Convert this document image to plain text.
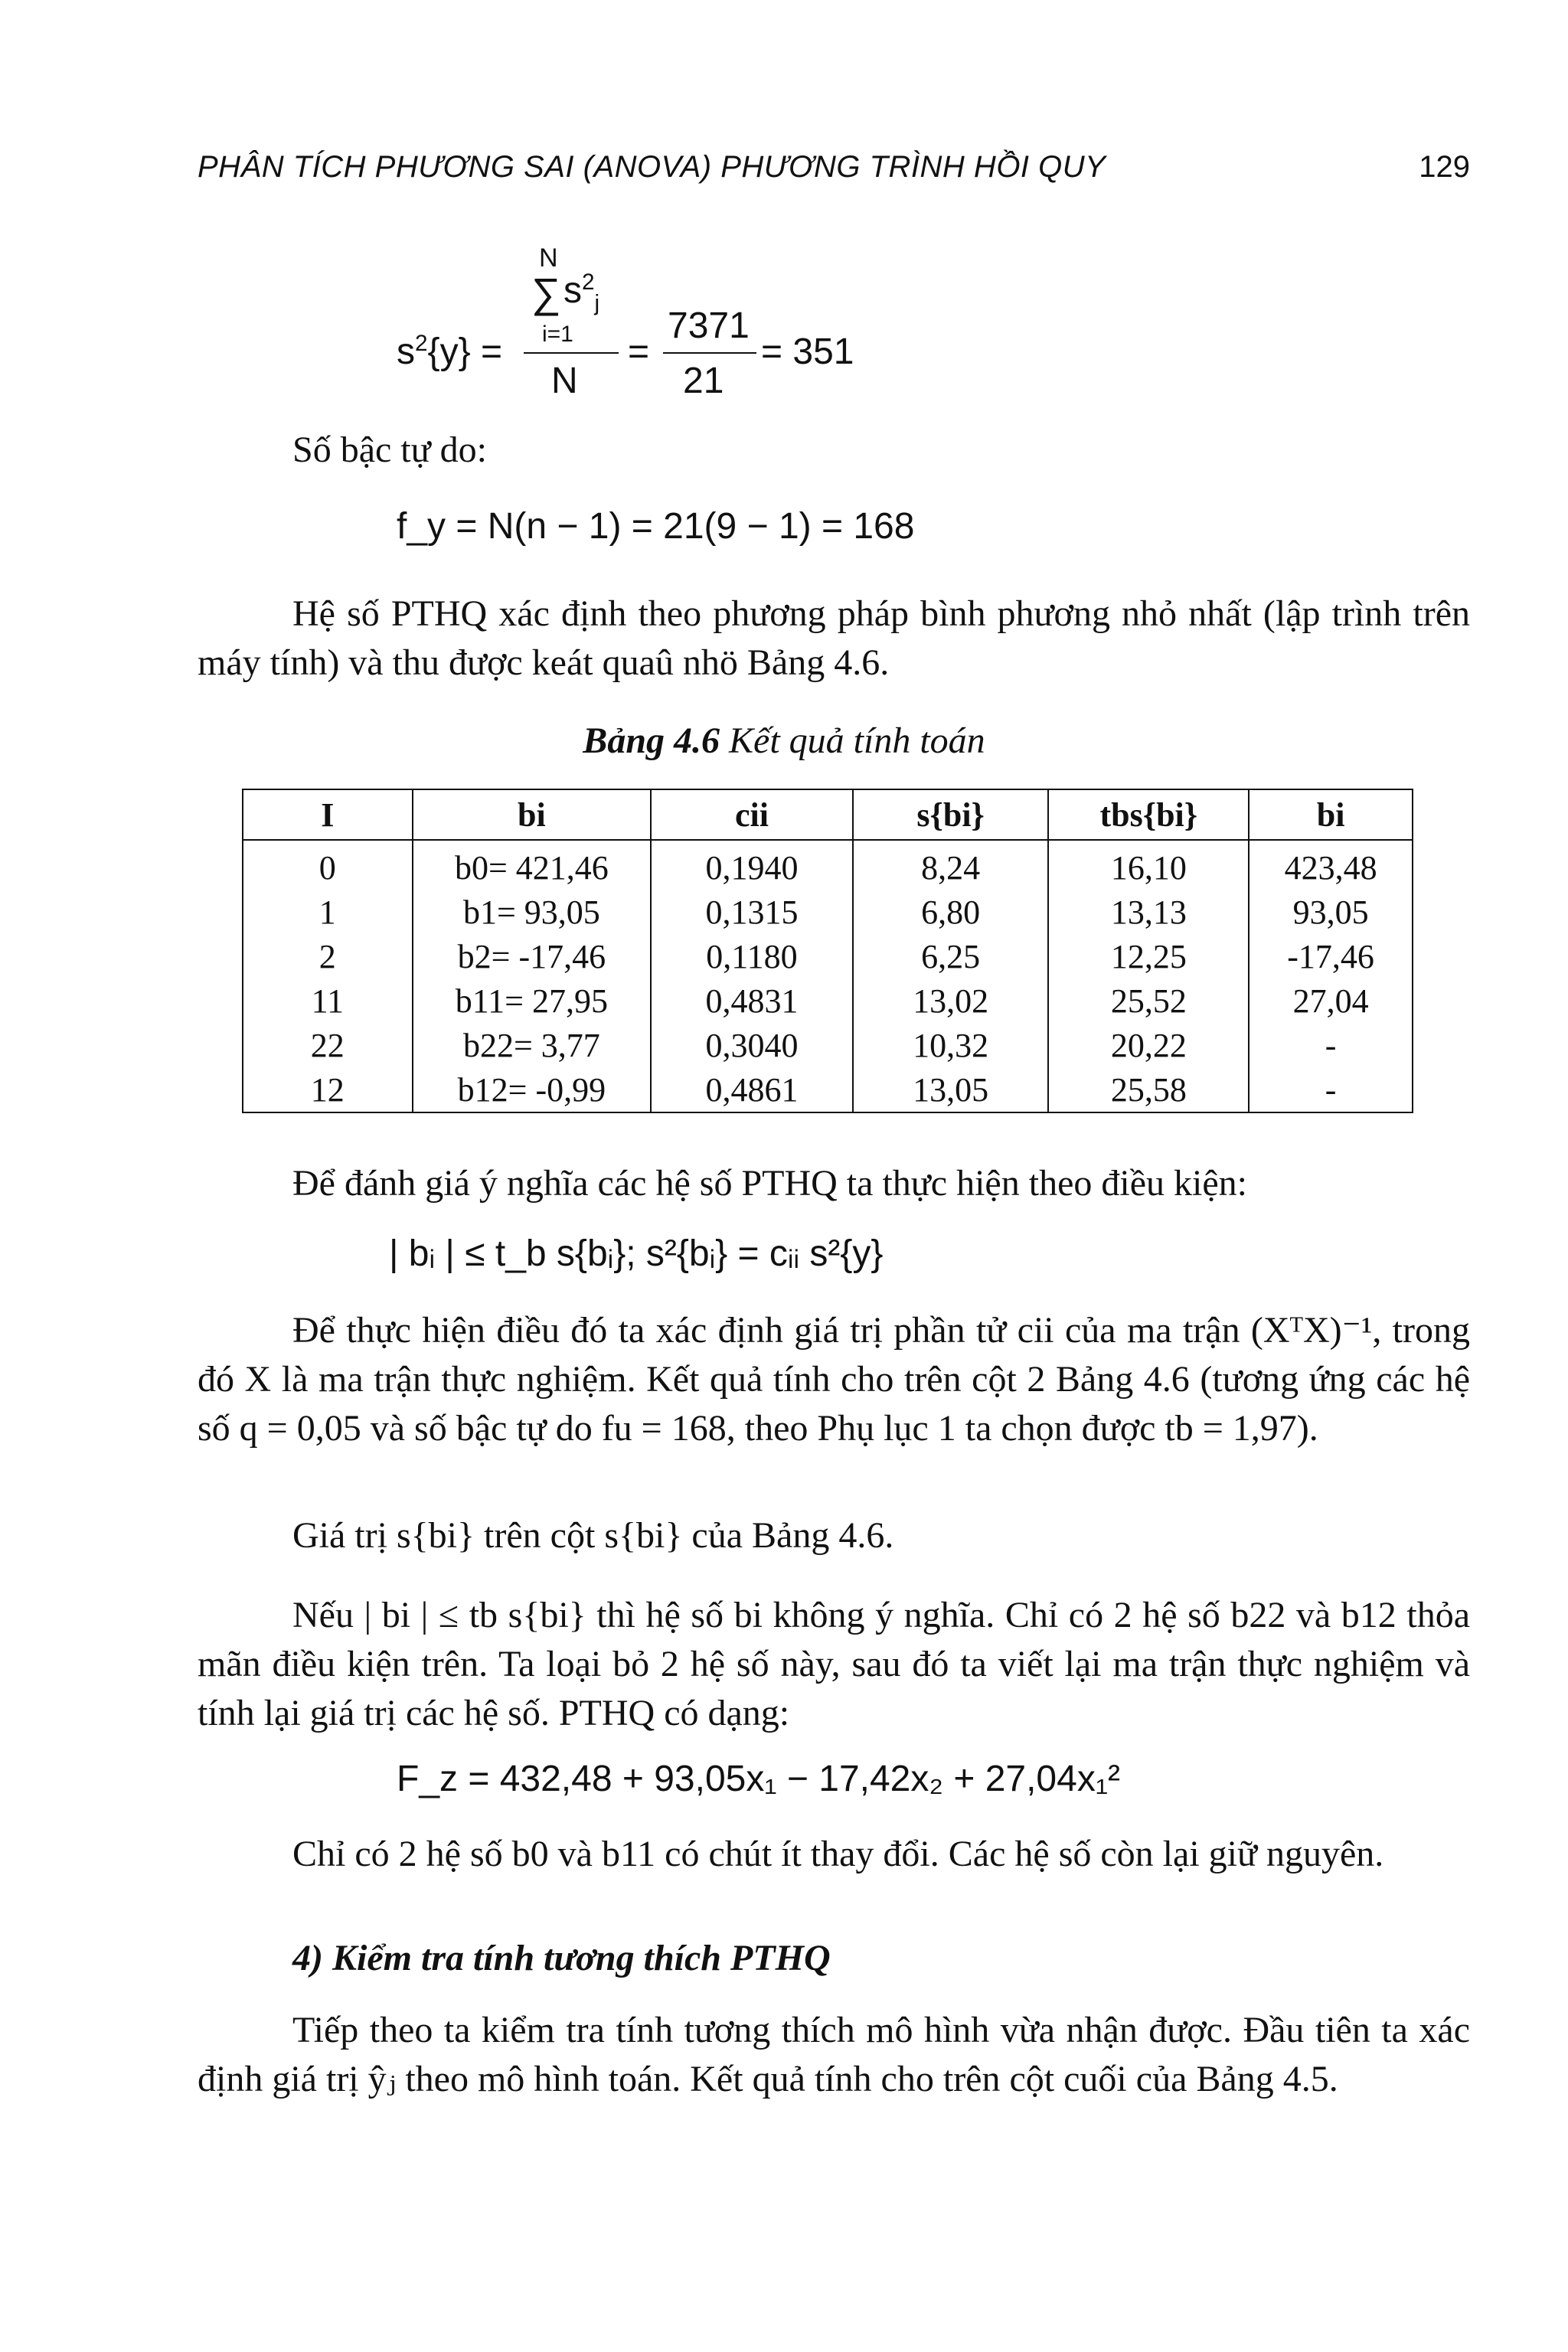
PHÂN TÍCH PHƯƠNG SAI (ANOVA) PHƯƠNG TRÌNH HỒI QUY	129
$s^2\{y\}$ =
N
∑ $s^2_j$
i=1
N
=
7371
21
= 351
Số bậc tự do:
f_y = N(n − 1) = 21(9 − 1) = 168
Hệ số PTHQ xác định theo phương pháp bình phương nhỏ nhất (lập trình trên máy tính) và thu được keát quaû nhö Bảng 4.6.
Bảng 4.6 Kết quả tính toán
I	bi	cii	s{bi}	tbs{bi}	bi
0	b0= 421,46	0,1940	8,24	16,10	423,48
1	b1= 93,05	0,1315	6,80	13,13	93,05
2	b2= -17,46	0,1180	6,25	12,25	-17,46
11	b11= 27,95	0,4831	13,02	25,52	27,04
22	b22= 3,77	0,3040	10,32	20,22	-
12	b12= -0,99	0,4861	13,05	25,58	-
Để đánh giá ý nghĩa các hệ số PTHQ ta thực hiện theo điều kiện:
| bᵢ | ≤ t_b s{bᵢ}; s²{bᵢ} = cᵢᵢ s²{y}
Để thực hiện điều đó ta xác định giá trị phần tử cii của ma trận (XᵀX)⁻¹, trong đó X là ma trận thực nghiệm. Kết quả tính cho trên cột 2 Bảng 4.6 (tương ứng các hệ số q = 0,05 và số bậc tự do fu = 168, theo Phụ lục 1 ta chọn được tb = 1,97).
Giá trị s{bi} trên cột s{bi} của Bảng 4.6.
Nếu | bi | ≤ tb s{bi} thì hệ số bi không ý nghĩa. Chỉ có 2 hệ số b22 và b12 thỏa mãn điều kiện trên. Ta loại bỏ 2 hệ số này, sau đó ta viết lại ma trận thực nghiệm và tính lại giá trị các hệ số. PTHQ có dạng:
F_z = 432,48 + 93,05x₁ − 17,42x₂ + 27,04x₁²
Chỉ có 2 hệ số b0 và b11 có chút ít thay đổi. Các hệ số còn lại giữ nguyên.
4) Kiểm tra tính tương thích PTHQ
Tiếp theo ta kiểm tra tính tương thích mô hình vừa nhận được. Đầu tiên ta xác định giá trị ŷⱼ theo mô hình toán. Kết quả tính cho trên cột cuối của Bảng 4.5.
